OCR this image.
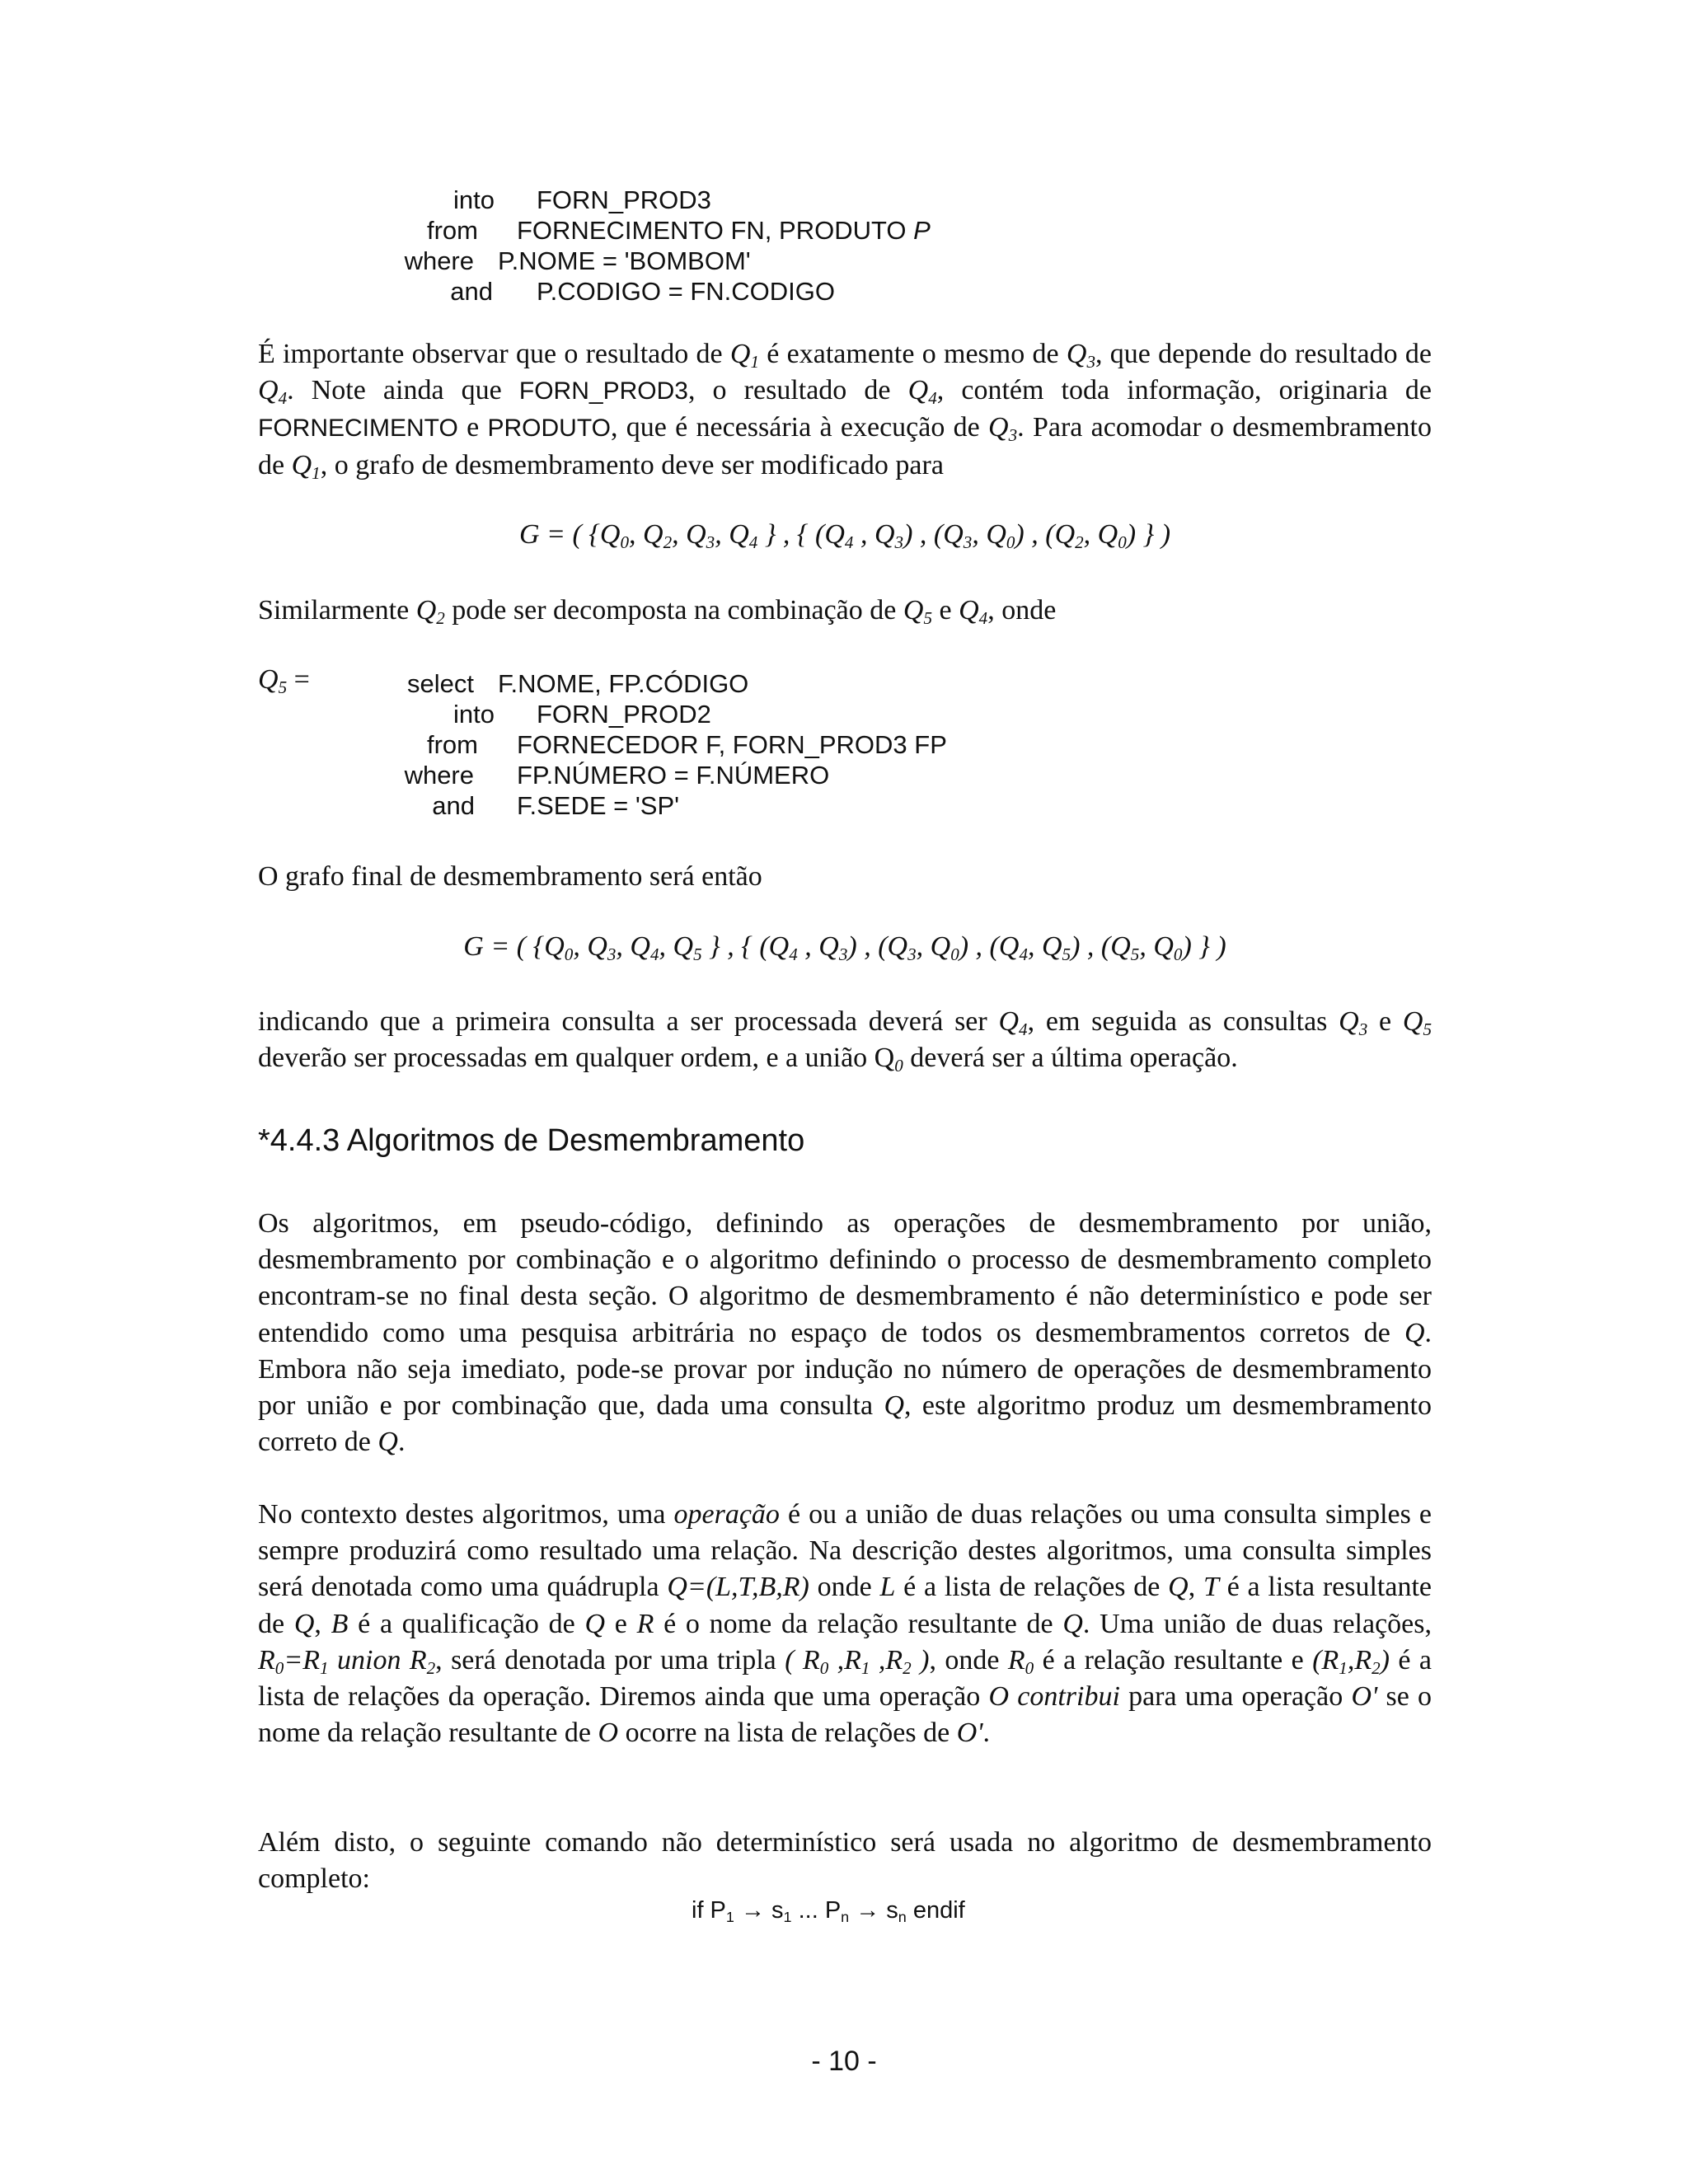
into FORN_PROD3
from FORNECIMENTO FN, PRODUTO P
where P.NOME = 'BOMBOM'
and P.CODIGO = FN.CODIGO
É importante observar que o resultado de $Q_1$ é exatamente o mesmo de $Q_3$, que depende do resultado de $Q_4$. Note ainda que FORN_PROD3, o resultado de $Q_4$, contém toda informação, originaria de FORNECIMENTO e PRODUTO, que é necessária à execução de $Q_3$. Para acomodar o desmembramento de $Q_1$, o grafo de desmembramento deve ser modificado para
G = ( {$Q_0$, $Q_2$, $Q_3$, $Q_4$ } , { ($Q_4$ , $Q_3$) , ($Q_3$, $Q_0$) , ($Q_2$, $Q_0$) } )
Similarmente $Q_2$ pode ser decomposta na combinação de $Q_5$ e $Q_4$, onde
$Q_5$ =	select F.NOME, FP.CÓDIGO
into FORN_PROD2
from FORNECEDOR F, FORN_PROD3 FP
where FP.NÚMERO = F.NÚMERO
and F.SEDE = 'SP'
O grafo final de desmembramento será então
G = ( {$Q_0$, $Q_3$, $Q_4$, $Q_5$ } , { ($Q_4$ , $Q_3$) , ($Q_3$, $Q_0$) , ($Q_4$, $Q_5$) , ($Q_5$, $Q_0$) } )
indicando que a primeira consulta a ser processada deverá ser $Q_4$, em seguida as consultas $Q_3$ e $Q_5$ deverão ser processadas em qualquer ordem, e a união $Q_0$ deverá ser a última operação.
*4.4.3 Algoritmos de Desmembramento
Os algoritmos, em pseudo-código, definindo as operações de desmembramento por união, desmembramento por combinação e o algoritmo definindo o processo de desmembramento completo encontram-se no final desta seção. O algoritmo de desmembramento é não determinístico e pode ser entendido como uma pesquisa arbitrária no espaço de todos os desmembramentos corretos de Q. Embora não seja imediato, pode-se provar por indução no número de operações de desmembramento por união e por combinação que, dada uma consulta Q, este algoritmo produz um desmembramento correto de Q.
No contexto destes algoritmos, uma operação é ou a união de duas relações ou uma consulta simples e sempre produzirá como resultado uma relação. Na descrição destes algoritmos, uma consulta simples será denotada como uma quádrupla Q=(L,T,B,R) onde L é a lista de relações de Q, T é a lista resultante de Q, B é a qualificação de Q e R é o nome da relação resultante de Q. Uma união de duas relações, $R_0=R_1$ union $R_2$, será denotada por uma tripla ( $R_0$ $,R_1$ $,R_2$ ), onde $R_0$ é a relação resultante e $(R_1,R_2)$ é a lista de relações da operação. Diremos ainda que uma operação O contribui para uma operação O' se o nome da relação resultante de O ocorre na lista de relações de O'.
Além disto, o seguinte comando não determinístico será usada no algoritmo de desmembramento completo:
if $P_1 \to s_1$ ... $P_n \to s_n$ endif
- 10 -
